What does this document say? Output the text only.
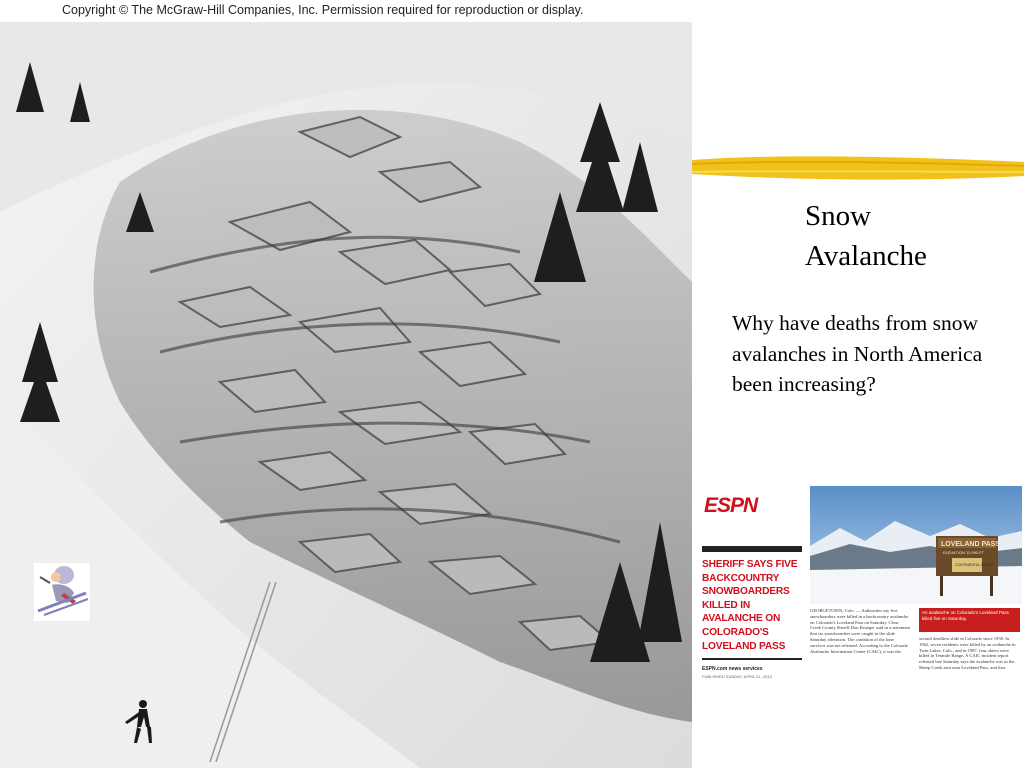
Copyright © The McGraw-Hill Companies, Inc. Permission required for reproduction or display.
Snow
Avalanche
Why have deaths from snow avalanches in North America been increasing?
ESPN
SHERIFF SAYS FIVE BACKCOUNTRY SNOWBOARDERS KILLED IN AVALANCHE ON COLORADO'S LOVELAND PASS
ESPN.com news services
PUBLISHED SUNDAY, APRIL 21, 2013
LOVELAND PASS
ELEVATION 11,990 FT
CONTINENTAL DIVIDE
An avalanche on Colorado's Loveland Pass killed five on Saturday.
GEORGETOWN, Colo. — Authorities say five snowboarders were killed in a backcountry avalanche on Colorado's Loveland Pass on Saturday. Clear Creek County Sheriff Don Krueger said in a statement that six snowboarders were caught in the slide Saturday afternoon. The condition of the lone survivor was not released. According to the Colorado Avalanche Information Center (CAIC), it was the
second deadliest slide in Colorado since 1950. In 1962, seven residents were killed by an avalanche in Twin Lakes, Colo., and in 1987, four skiers were killed in Tenmile Range. A CAIC incident report released late Saturday says the avalanche was in the Sheep Creek area near Loveland Pass, and that
